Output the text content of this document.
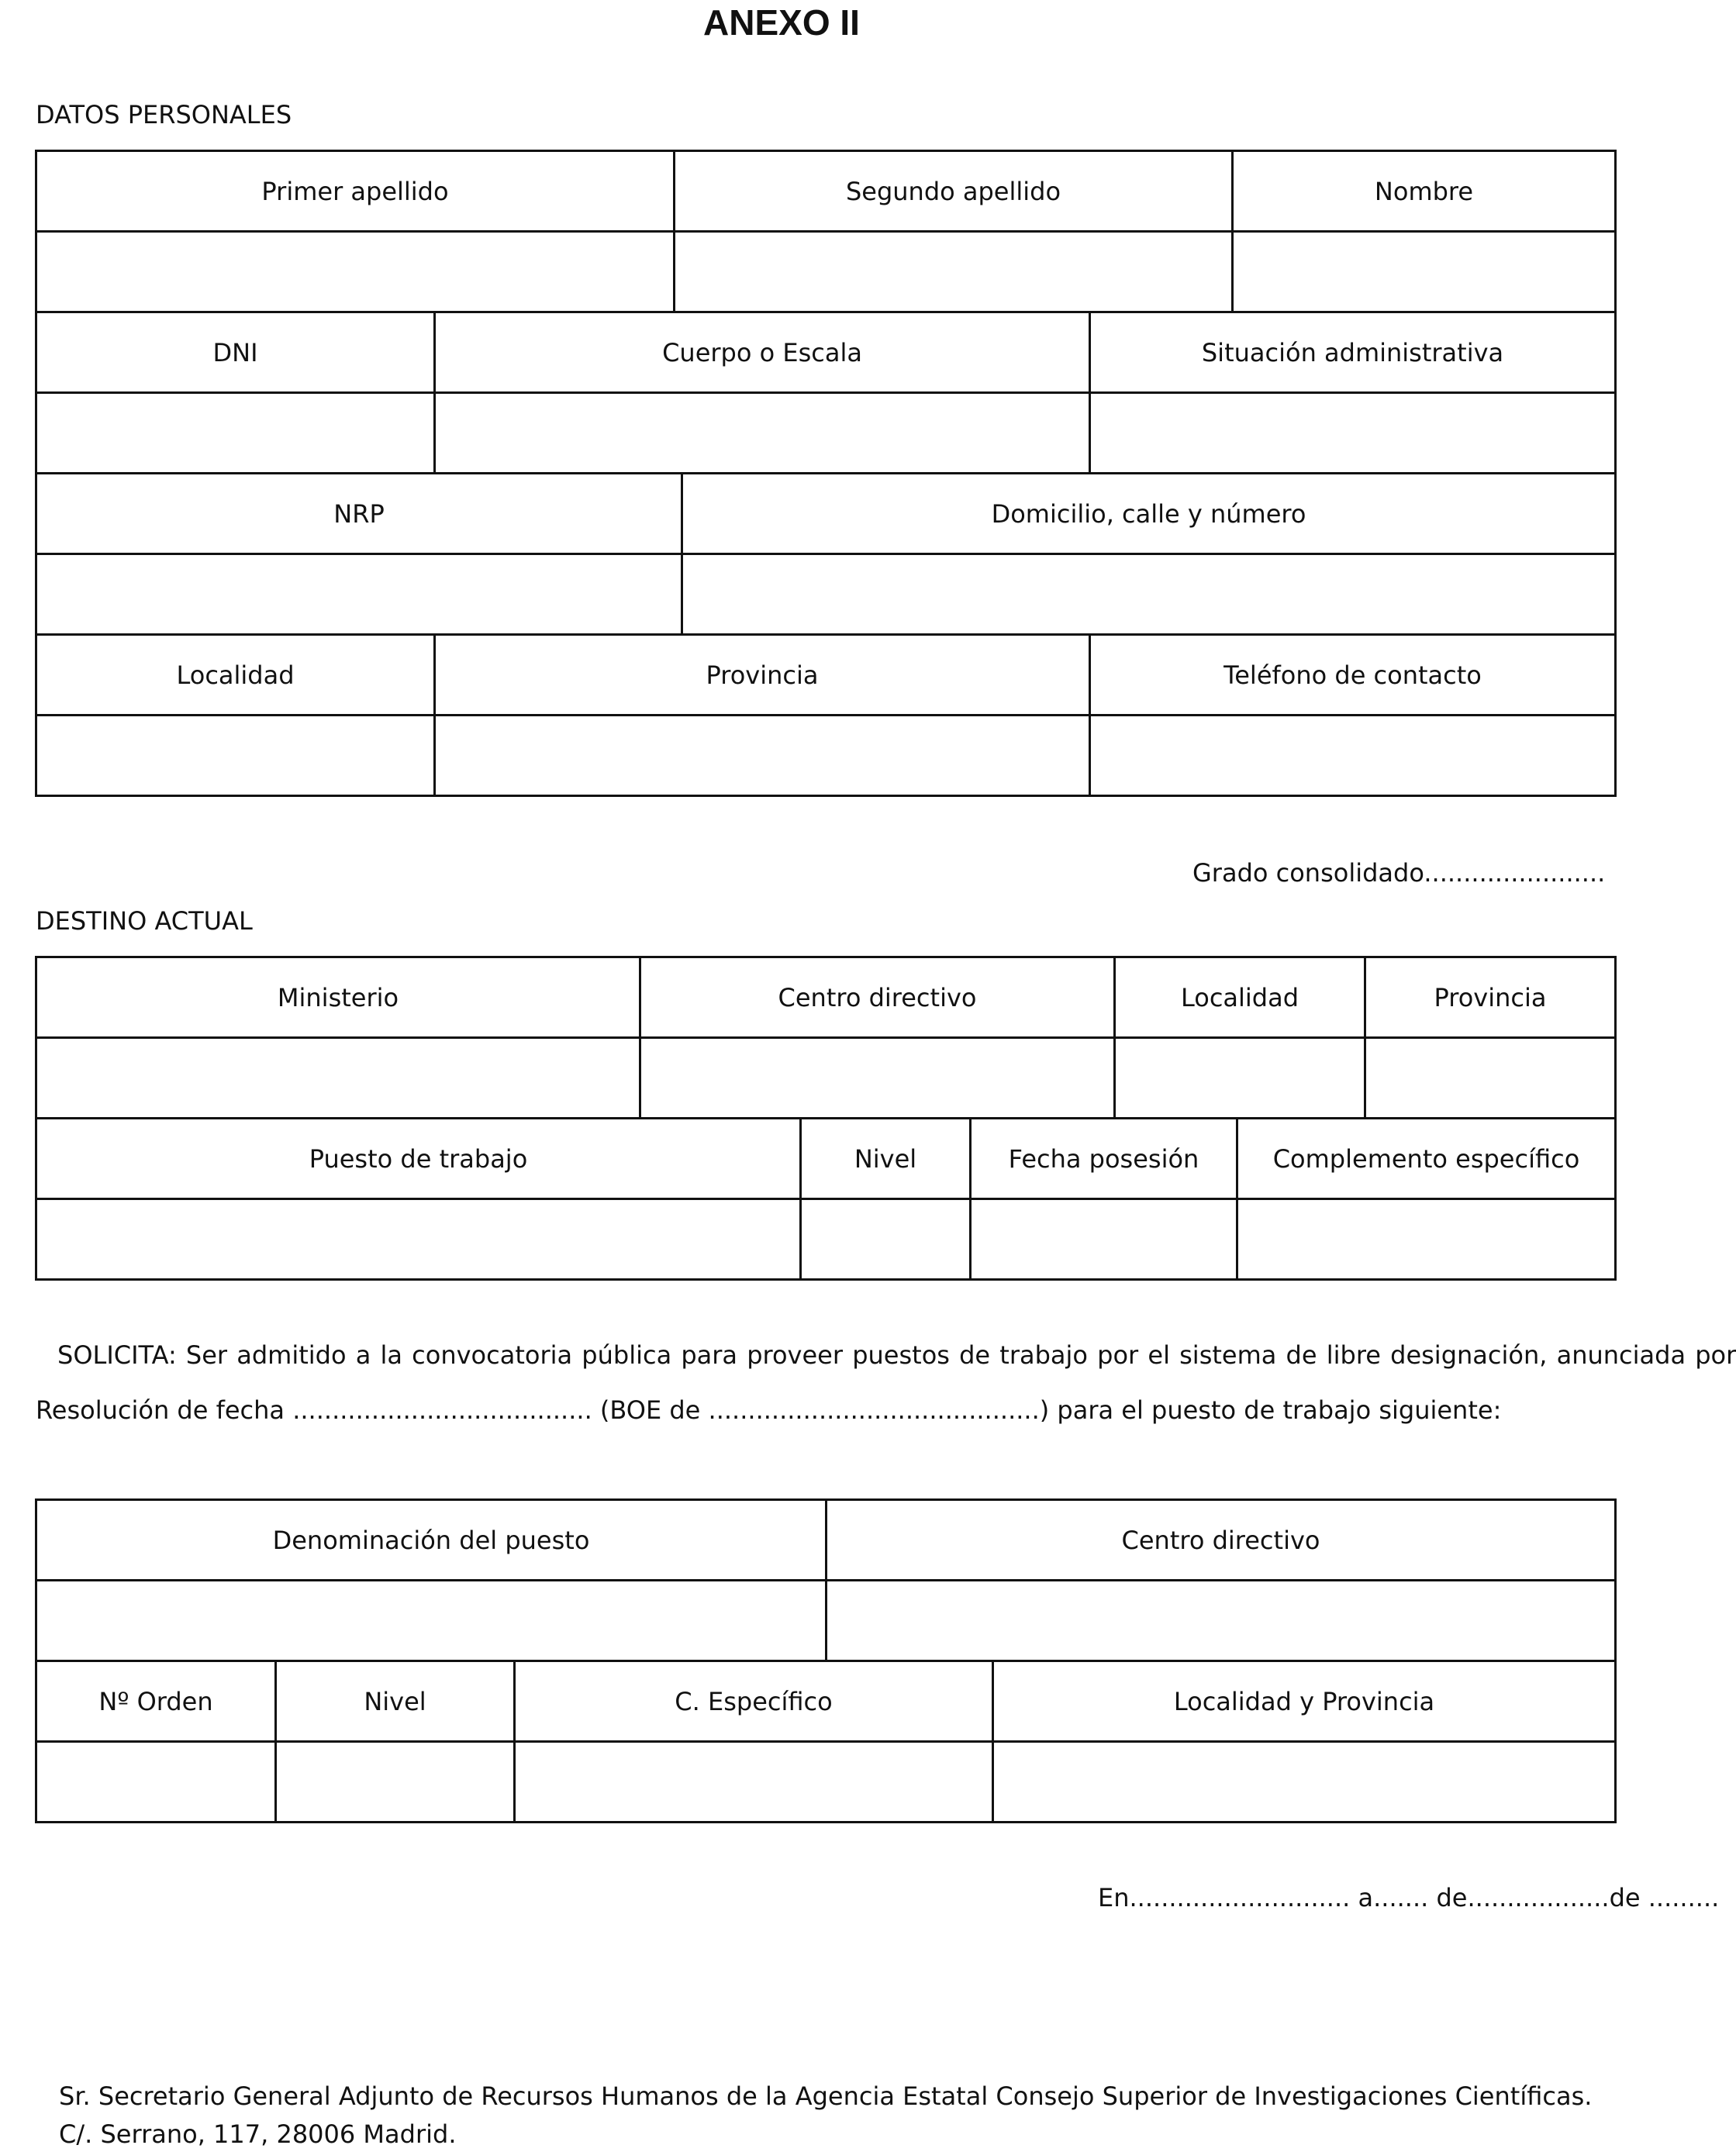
ANEXO II
DATOS PERSONALES
Primer apellido	Segundo apellido	Nombre

DNI	Cuerpo o Escala	Situación administrativa

NRP	Domicilio, calle y número

Localidad	Provincia	Teléfono de contacto

Grado consolidado.......................
DESTINO ACTUAL
Ministerio	Centro directivo	Localidad	Provincia

Puesto de trabajo	Nivel	Fecha posesión	Complemento específico

SOLICITA: Ser admitido a la convocatoria pública para proveer puestos de trabajo por el sistema de libre designación, anunciada por
Resolución de fecha ...................................... (BOE de ..........................................) para el puesto de trabajo siguiente:
Denominación del puesto	Centro directivo

Nº Orden	Nivel	C. Específico	Localidad y Provincia

En............................ a....... de..................de .........
Sr. Secretario General Adjunto de Recursos Humanos de la Agencia Estatal Consejo Superior de Investigaciones Científicas.
C/. Serrano, 117, 28006 Madrid.
